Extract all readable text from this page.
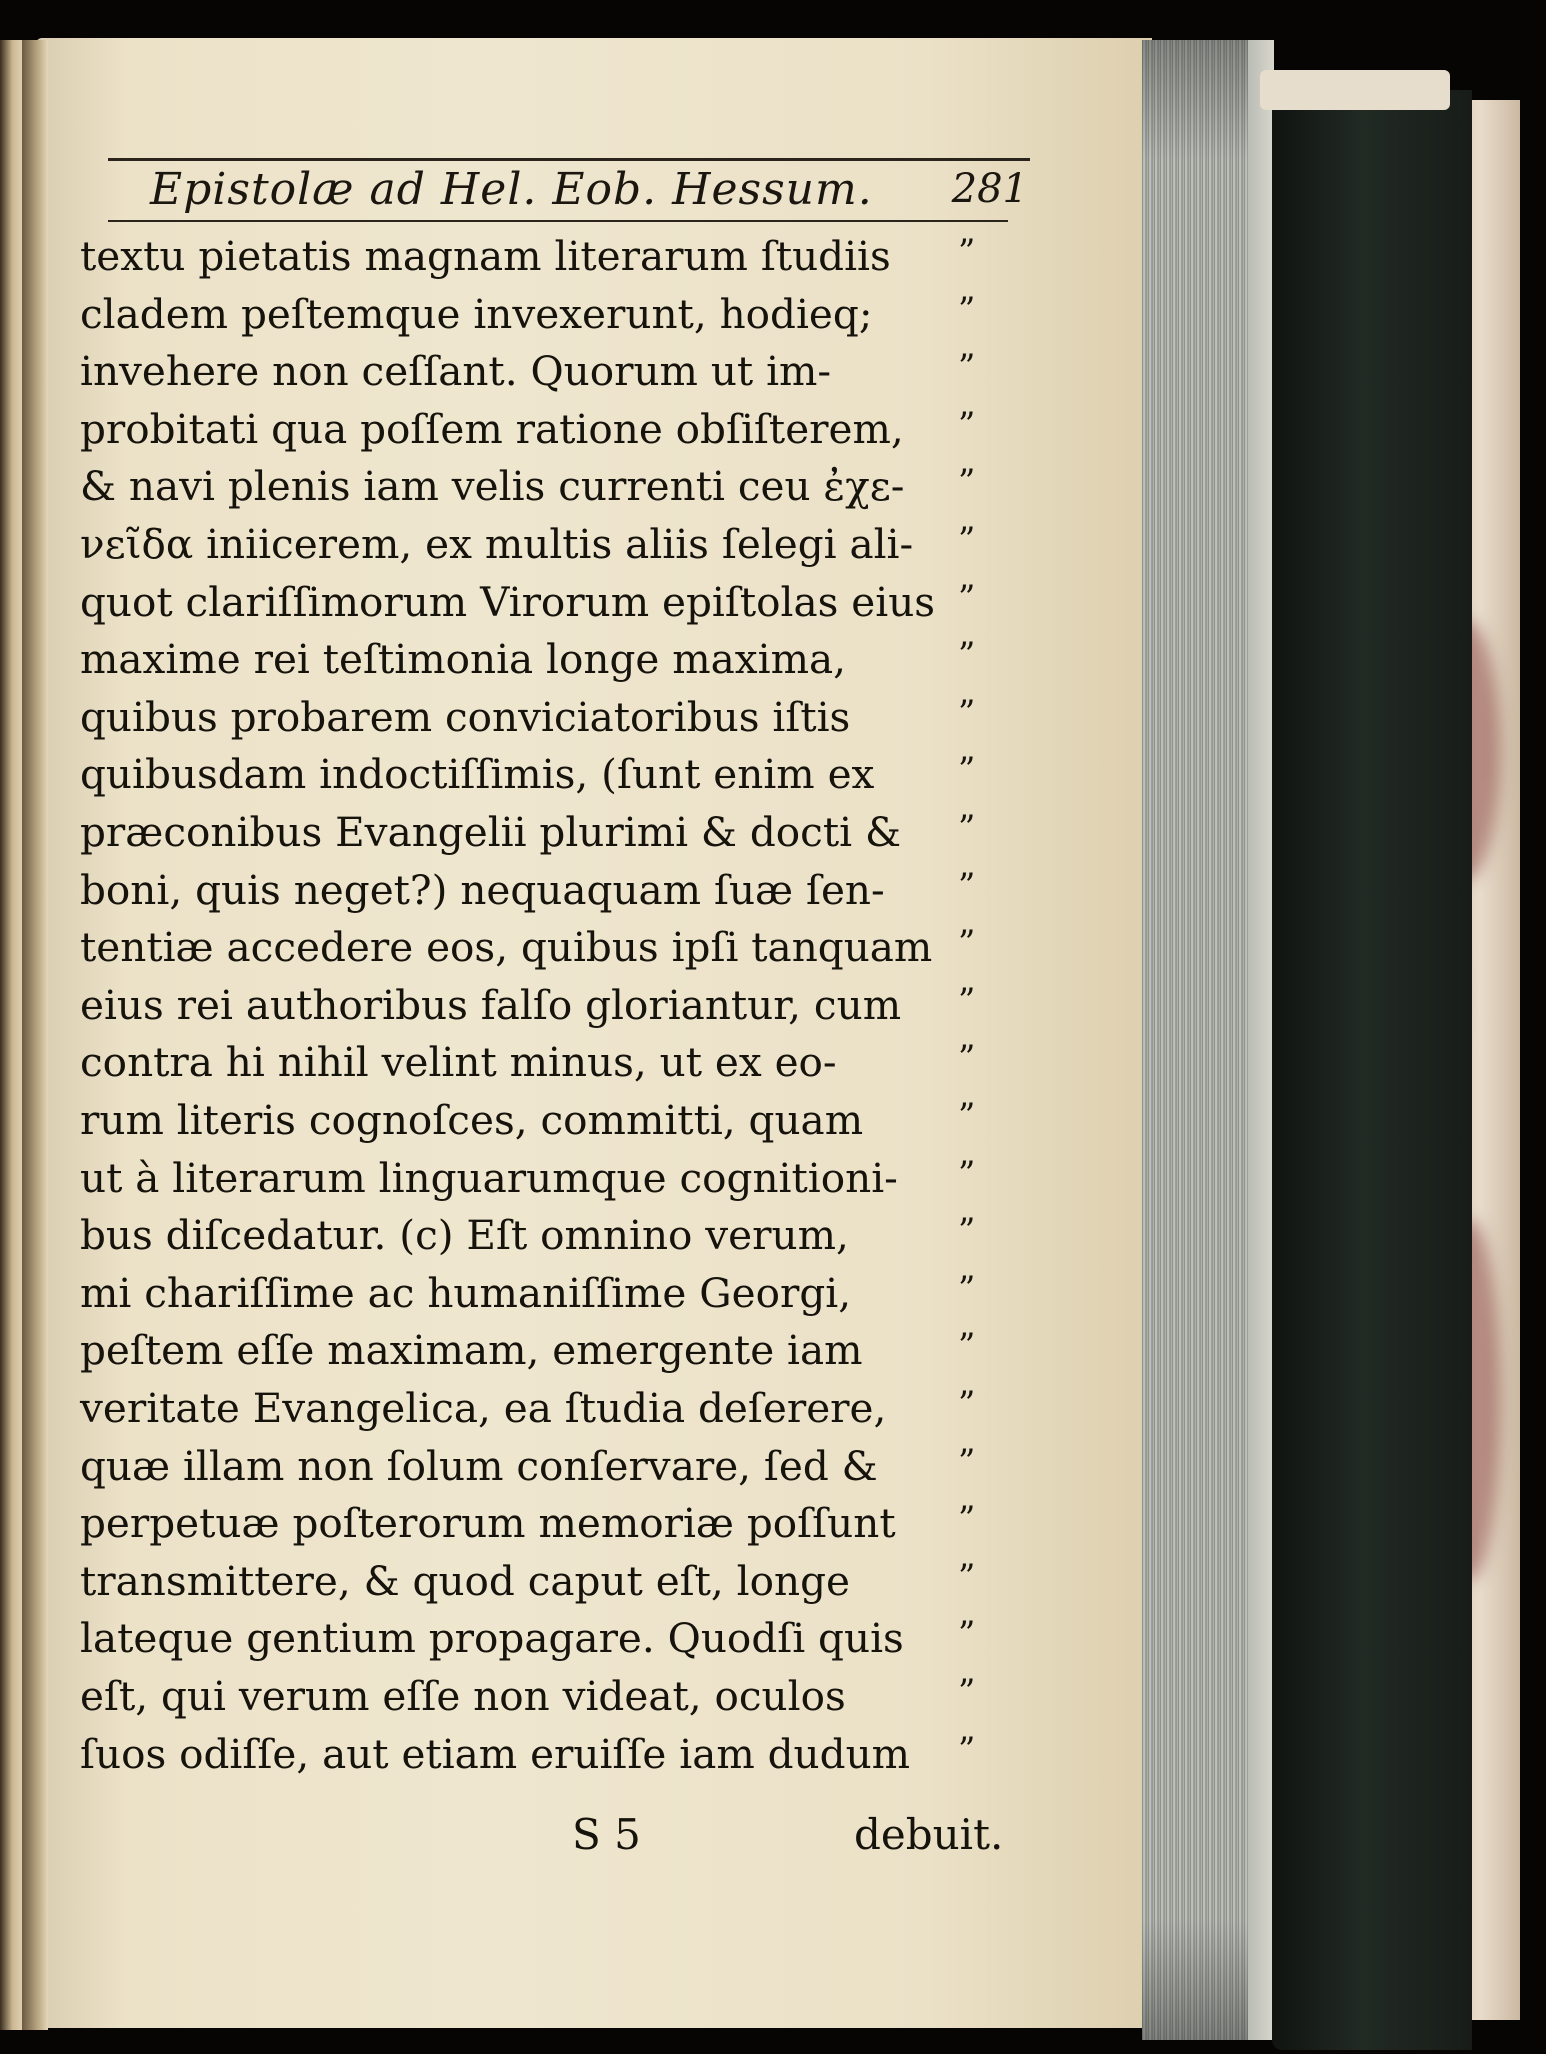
Epistolæ ad Hel. Eob. Hessum.	281
textu pietatis magnam literarum ſtudiis ”
cladem peſtemque invexerunt, hodieq;	”
invehere non ceſſant. Quorum ut im-	”
probitati qua poſſem ratione obſiſterem, ”
& navi plenis iam velis currenti ceu ἐχε- ”
νεῖδα iniicerem, ex multis aliis ſelegi ali- ”
quot clariſſimorum Virorum epiſtolas eius ”
maxime rei teſtimonia longe maxima,	”
quibus probarem conviciatoribus iſtis	”
quibusdam indoctiſſimis, (ſunt enim ex ”
præconibus Evangelii plurimi & docti & ”
boni, quis neget?) nequaquam ſuæ ſen- ”
tentiæ accedere eos, quibus ipſi tanquam ”
eius rei authoribus falſo gloriantur, cum ”
contra hi nihil velint minus, ut ex eo-	”
rum literis cognoſces, committi, quam	”
ut à literarum linguarumque cognitioni- ”
bus diſcedatur. (c) Eſt omnino verum,	”
mi chariſſime ac humaniſſime Georgi,	”
peſtem eſſe maximam, emergente iam	”
veritate Evangelica, ea ſtudia deſerere, ”
quæ illam non ſolum conſervare, ſed & ”
perpetuæ poſterorum memoriæ poſſunt ”
transmittere, & quod caput eſt, longe	”
lateque gentium propagare. Quodſi quis ”
eſt, qui verum eſſe non videat, oculos	”
ſuos odiſſe, aut etiam eruiſſe iam dudum ”
S 5	debuit.
